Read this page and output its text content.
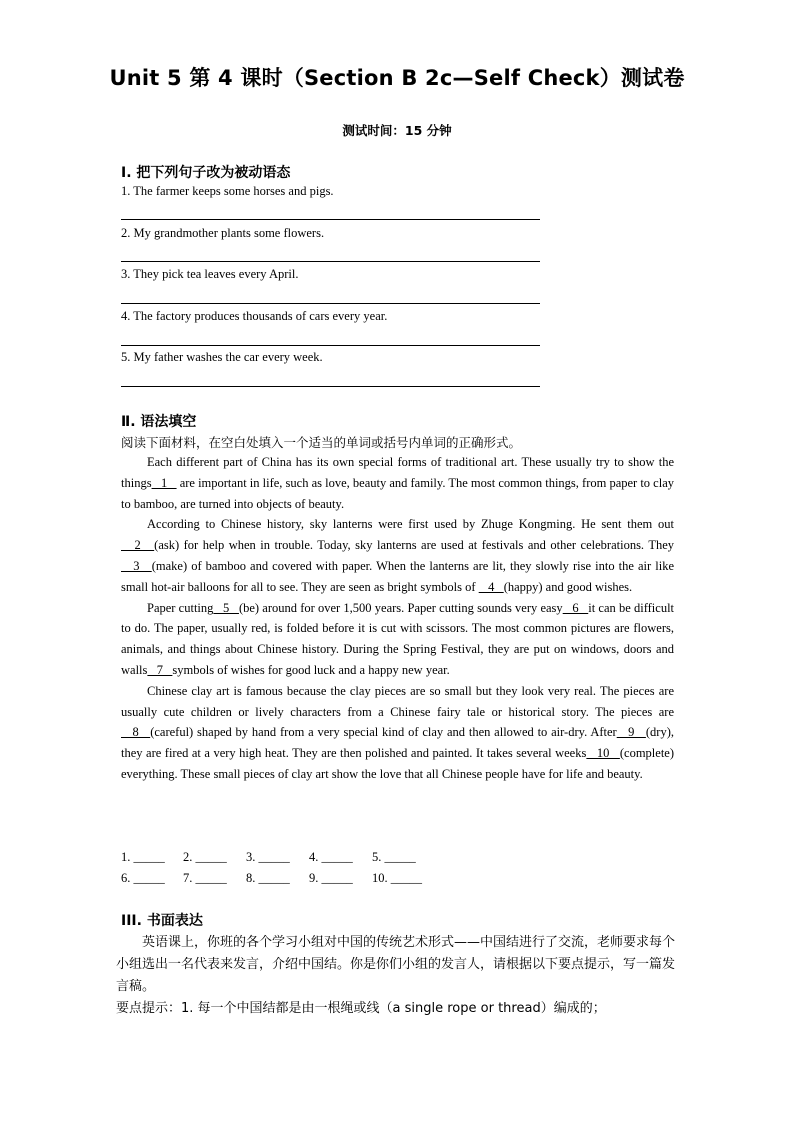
Unit 5 第 4 课时（Section B 2c—Self Check）测试卷
测试时间：15 分钟
Ⅰ. 把下列句子改为被动语态
1. The farmer keeps some horses and pigs.
2. My grandmother plants some flowers.
3. They pick tea leaves every April.
4. The factory produces thousands of cars every year.
5. My father washes the car every week.
Ⅱ. 语法填空
阅读下面材料，在空白处填入一个适当的单词或括号内单词的正确形式。

Each different part of China has its own special forms of traditional art. These usually try to show the things   1    are important in life, such as love, beauty and family. The most common things, from paper to clay to bamboo, are turned into objects of beauty.

According to Chinese history, sky lanterns were first used by Zhuge Kongming. He sent them out   2   (ask) for help when in trouble. Today, sky lanterns are used at festivals and other celebrations. They   3   (make) of bamboo and covered with paper. When the lanterns are lit, they slowly rise into the air like small hot-air balloons for all to see. They are seen as bright symbols of    4   (happy) and good wishes.

Paper cutting   5   (be) around for over 1,500 years. Paper cutting sounds very easy   6   it can be difficult to do. The paper, usually red, is folded before it is cut with scissors. The most common pictures are flowers, animals, and things about Chinese history. During the Spring Festival, they are put on windows, doors and walls   7   symbols of wishes for good luck and a happy new year.

Chinese clay art is famous because the clay pieces are so small but they look very real. The pieces are usually cute children or lively characters from a Chinese fairy tale or historical story. The pieces are   8   (careful) shaped by hand from a very special kind of clay and then allowed to air-dry. After   9   (dry), they are fired at a very high heat. They are then polished and painted. It takes several weeks   10   (complete) everything. These small pieces of clay art show the love that all Chinese people have for life and beauty.

1. _____ 2. _____ 3. _____ 4. _____ 5. _____
6. _____ 7. _____ 8. _____ 9. _____ 10. _____
III. 书面表达

英语课上，你班的各个学习小组对中国的传统艺术形式——中国结进行了交流，老师要求每个小组选出一名代表来发言，介绍中国结。你是你们小组的发言人，请根据以下要点提示，写一篇发言稿。

要点提示：1. 每一个中国结都是由一根绳或线（a single rope or thread）编成的；
